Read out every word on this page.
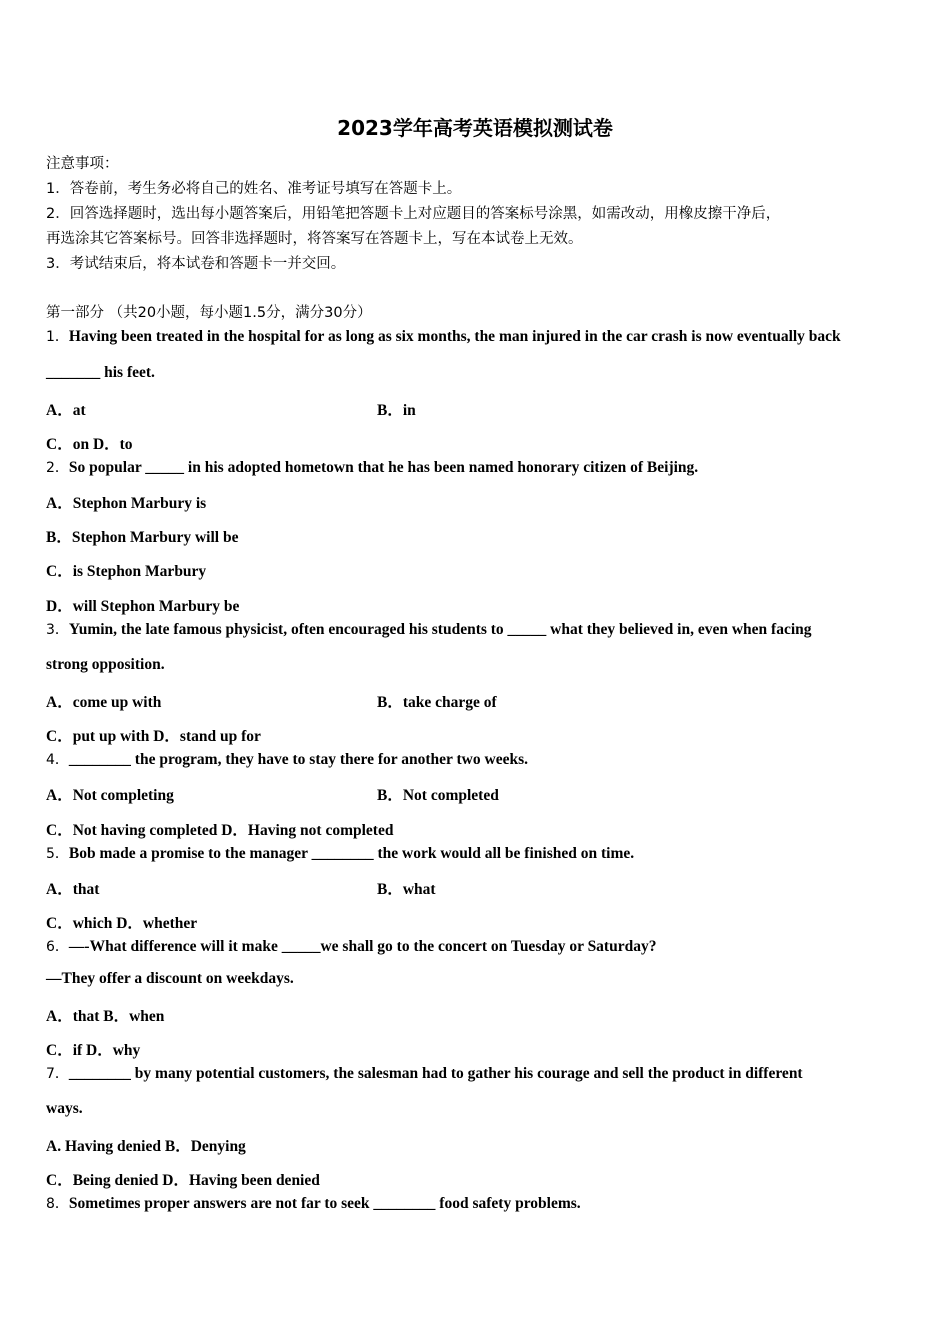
2023学年高考英语模拟测试卷
注意事项：
1．答卷前，考生务必将自己的姓名、准考证号填写在答题卡上。
2．回答选择题时，选出每小题答案后，用铅笔把答题卡上对应题目的答案标号涂黑，如需改动，用橡皮擦干净后，
再选涂其它答案标号。回答非选择题时，将答案写在答题卡上，写在本试卷上无效。
3．考试结束后，将本试卷和答题卡一并交回。
第一部分 （共20小题，每小题1.5分，满分30分）
1．Having been treated in the hospital for as long as six months, the man injured in the car crash is now eventually back
_______ his feet.
A．at	B．in
C．on D．to
2．So popular _____ in his adopted hometown that he has been named honorary citizen of Beijing.
A．Stephon Marbury is
B．Stephon Marbury will be
C．is Stephon Marbury
D．will Stephon Marbury be
3．Yumin, the late famous physicist, often encouraged his students to _____ what they believed in, even when facing
strong opposition.
A．come up with	B．take charge of
C．put up with D．stand up for
4．________ the program, they have to stay there for another two weeks.
A．Not completing	B．Not completed
C．Not having completed D．Having not completed
5．Bob made a promise to the manager ________ the work would all be finished on time.
A．that	B．what
C．which D．whether
6．—-What difference will it make _____we shall go to the concert on Tuesday or Saturday?
—They offer a discount on weekdays.
A．that B．when
C．if D．why
7．________ by many potential customers, the salesman had to gather his courage and sell the product in different
ways.
A. Having denied B．Denying
C．Being denied D．Having been denied
8．Sometimes proper answers are not far to seek ________ food safety problems.
